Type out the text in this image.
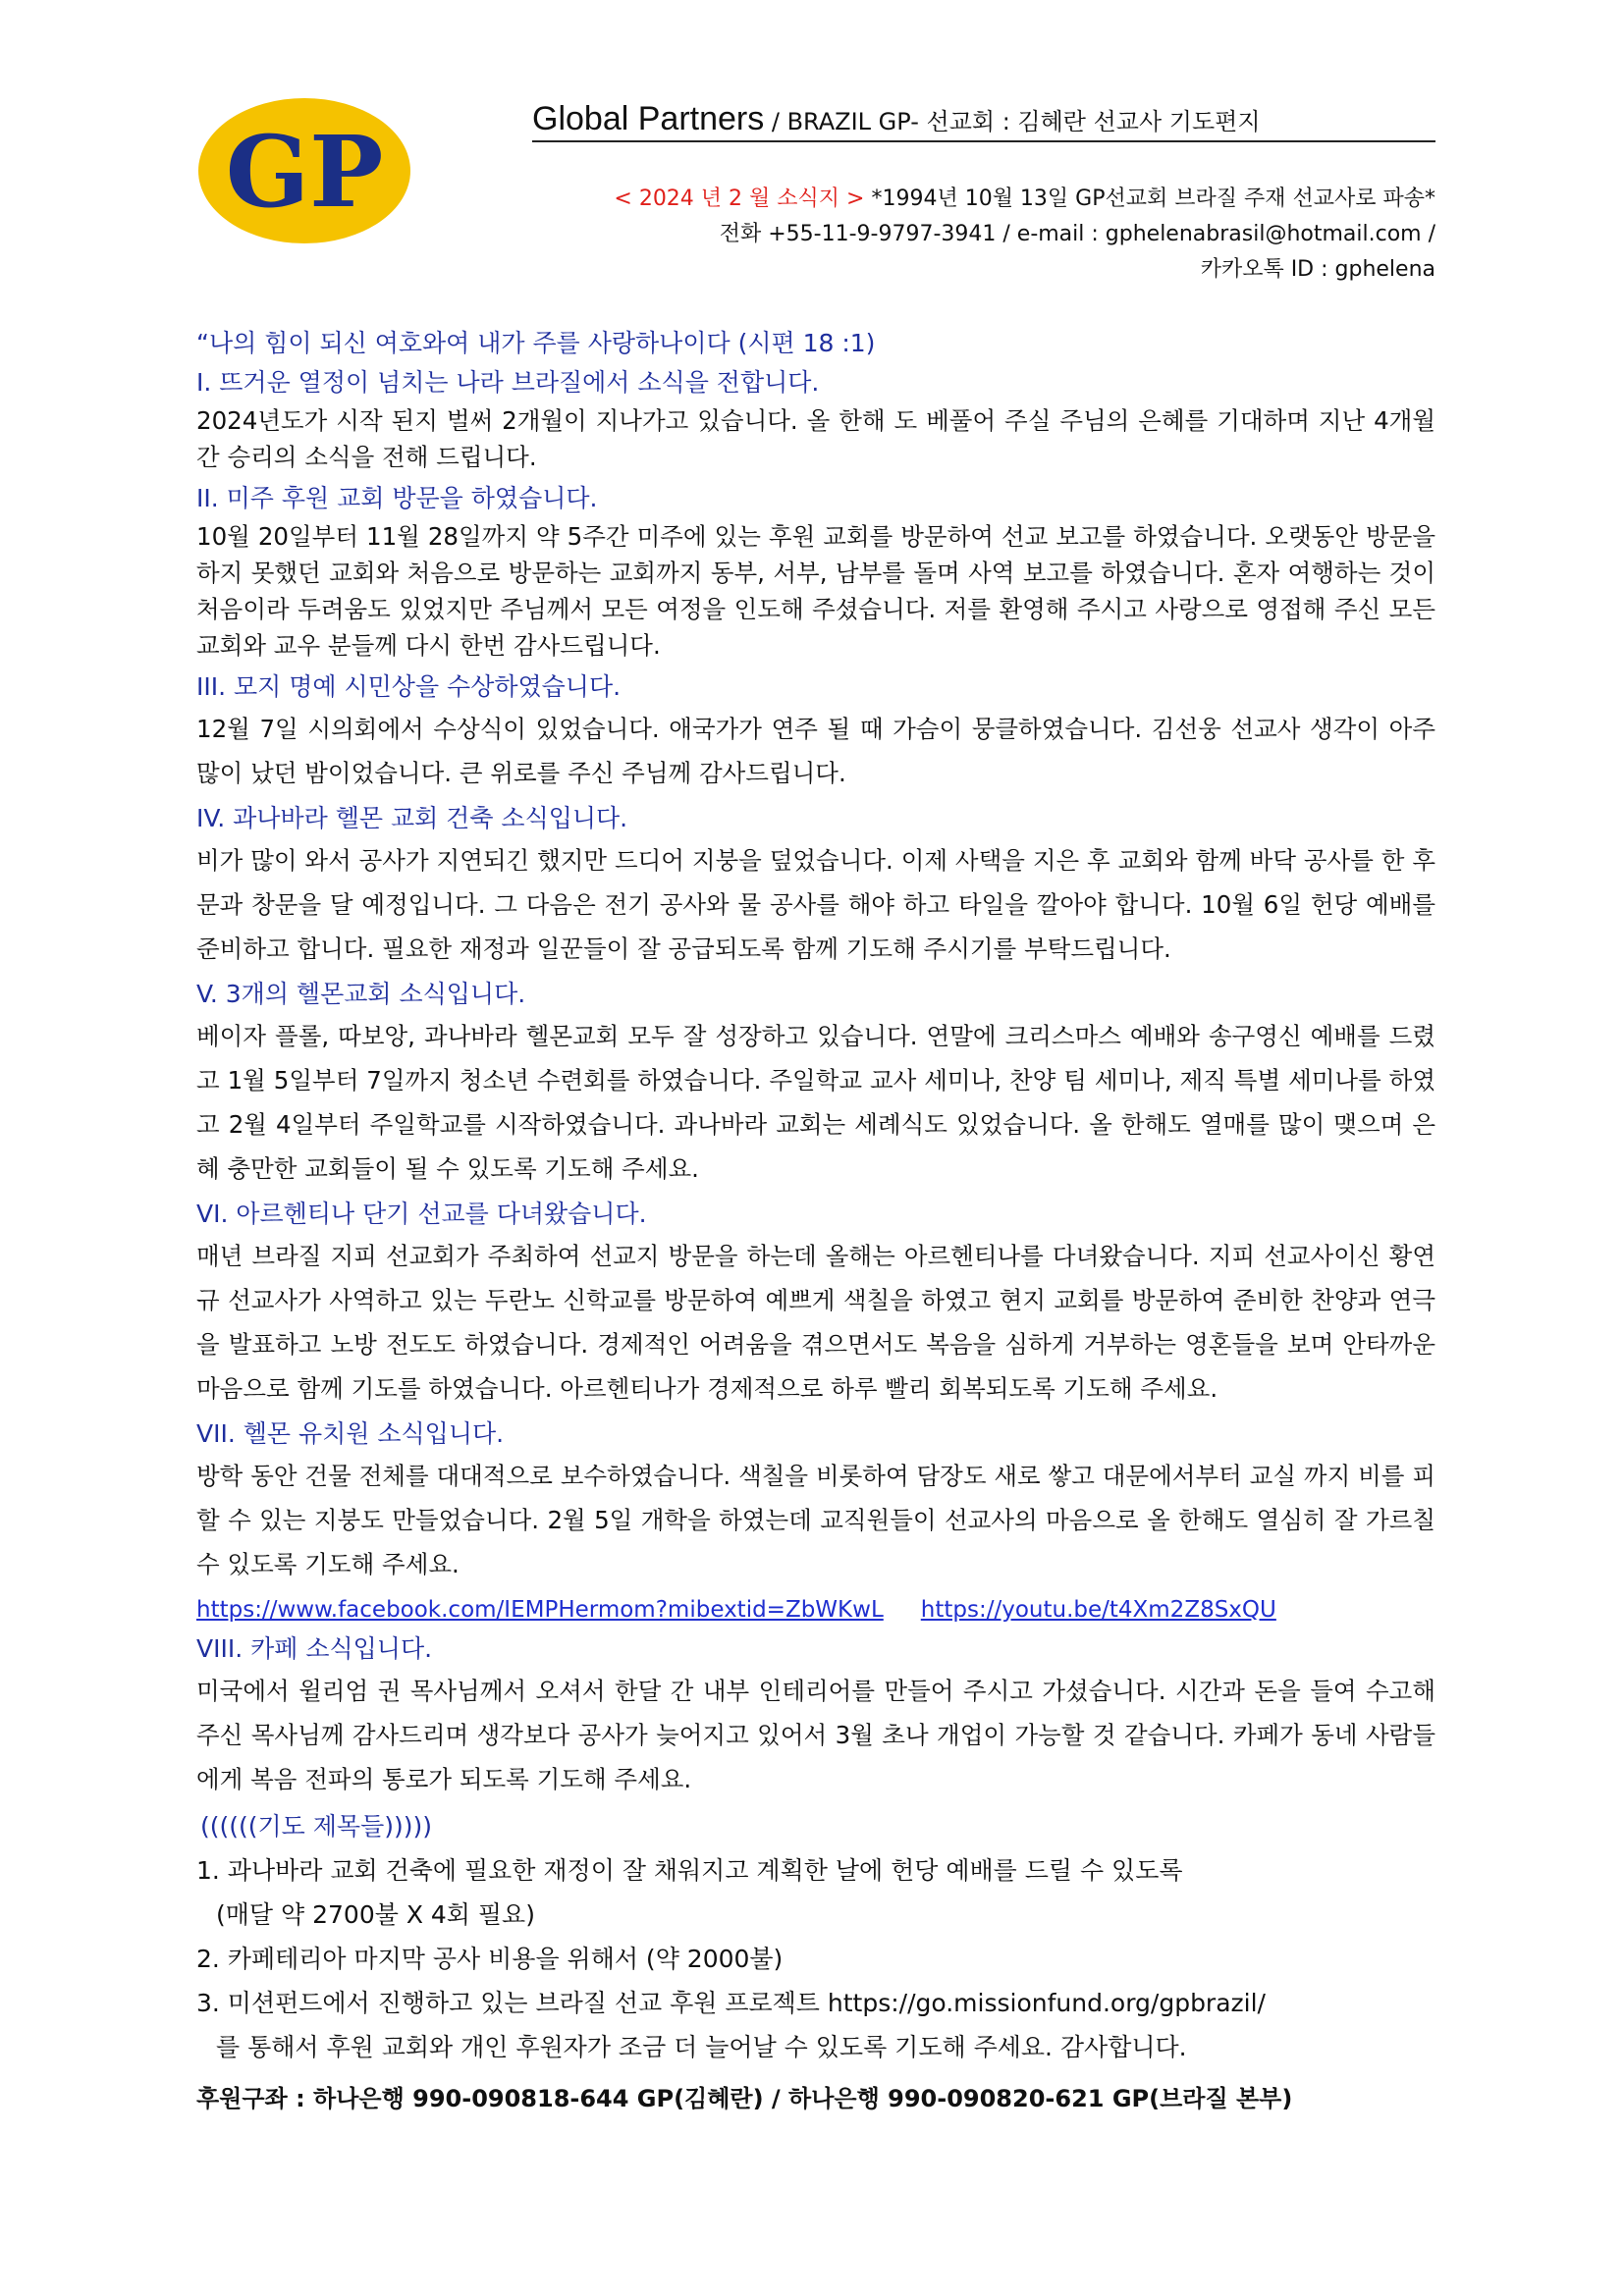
GP	Global Partners / BRAZIL GP- 선교회 : 김혜란 선교사 기도편지
< 2024 년 2 월 소식지 > *1994년 10월 13일 GP선교회 브라질 주재 선교사로 파송*
전화 +55-11-9-9797-3941 / e-mail : gphelenabrasil@hotmail.com /
카카오톡 ID : gphelena

“나의 힘이 되신 여호와여 내가 주를 사랑하나이다 (시편 18 :1)

I. 뜨거운 열정이 넘치는 나라 브라질에서 소식을 전합니다.

2024년도가 시작 된지 벌써 2개월이 지나가고 있습니다. 올 한해 도 베풀어 주실 주님의 은혜를 기대하며 지난 4개월간 승리의 소식을 전해 드립니다.

II. 미주 후원 교회 방문을 하였습니다.

10월 20일부터 11월 28일까지 약 5주간 미주에 있는 후원 교회를 방문하여 선교 보고를 하였습니다. 오랫동안 방문을 하지 못했던 교회와 처음으로 방문하는 교회까지 동부, 서부, 남부를 돌며 사역 보고를 하였습니다. 혼자 여행하는 것이 처음이라 두려움도 있었지만 주님께서 모든 여정을 인도해 주셨습니다. 저를 환영해 주시고 사랑으로 영접해 주신 모든 교회와 교우 분들께 다시 한번 감사드립니다.

III. 모지 명예 시민상을 수상하였습니다.

12월 7일 시의회에서 수상식이 있었습니다. 애국가가 연주 될 때 가슴이 뭉클하였습니다. 김선웅 선교사 생각이 아주 많이 났던 밤이었습니다. 큰 위로를 주신 주님께 감사드립니다.

IV. 과나바라 헬몬 교회 건축 소식입니다.

비가 많이 와서 공사가 지연되긴 했지만 드디어 지붕을 덮었습니다. 이제 사택을 지은 후 교회와 함께 바닥 공사를 한 후 문과 창문을 달 예정입니다. 그 다음은 전기 공사와 물 공사를 해야 하고 타일을 깔아야 합니다. 10월 6일 헌당 예배를 준비하고 합니다. 필요한 재정과 일꾼들이 잘 공급되도록 함께 기도해 주시기를 부탁드립니다.

V. 3개의 헬몬교회 소식입니다.

베이자 플롤, 따보앙, 과나바라 헬몬교회 모두 잘 성장하고 있습니다. 연말에 크리스마스 예배와 송구영신 예배를 드렸고 1월 5일부터 7일까지 청소년 수련회를 하였습니다. 주일학교 교사 세미나, 찬양 팀 세미나, 제직 특별 세미나를 하였고 2월 4일부터 주일학교를 시작하였습니다. 과나바라 교회는 세례식도 있었습니다. 올 한해도 열매를 많이 맺으며 은혜 충만한 교회들이 될 수 있도록 기도해 주세요.

VI. 아르헨티나 단기 선교를 다녀왔습니다.

매년 브라질 지피 선교회가 주최하여 선교지 방문을 하는데 올해는 아르헨티나를 다녀왔습니다. 지피 선교사이신 황연규 선교사가 사역하고 있는 두란노 신학교를 방문하여 예쁘게 색칠을 하였고 현지 교회를 방문하여 준비한 찬양과 연극을 발표하고 노방 전도도 하였습니다. 경제적인 어려움을 겪으면서도 복음을 심하게 거부하는 영혼들을 보며 안타까운 마음으로 함께 기도를 하였습니다. 아르헨티나가 경제적으로 하루 빨리 회복되도록 기도해 주세요.

VII. 헬몬 유치원 소식입니다.

방학 동안 건물 전체를 대대적으로 보수하였습니다. 색칠을 비롯하여 담장도 새로 쌓고 대문에서부터 교실 까지 비를 피할 수 있는 지붕도 만들었습니다. 2월 5일 개학을 하였는데 교직원들이 선교사의 마음으로 올 한해도 열심히 잘 가르칠 수 있도록 기도해 주세요.

https://www.facebook.com/IEMPHermom?mibextid=ZbWKwL https://youtu.be/t4Xm2Z8SxQU

VIII. 카페 소식입니다.

미국에서 윌리엄 권 목사님께서 오셔서 한달 간 내부 인테리어를 만들어 주시고 가셨습니다. 시간과 돈을 들여 수고해 주신 목사님께 감사드리며 생각보다 공사가 늦어지고 있어서 3월 초나 개업이 가능할 것 같습니다. 카페가 동네 사람들에게 복음 전파의 통로가 되도록 기도해 주세요.

((((((기도 제목들)))))

1. 과나바라 교회 건축에 필요한 재정이 잘 채워지고 계획한 날에 헌당 예배를 드릴 수 있도록

(매달 약 2700불 X 4회 필요)

2. 카페테리아 마지막 공사 비용을 위해서 (약 2000불)

3. 미션펀드에서 진행하고 있는 브라질 선교 후원 프로젝트 https://go.missionfund.org/gpbrazil/

를 통해서 후원 교회와 개인 후원자가 조금 더 늘어날 수 있도록 기도해 주세요. 감사합니다.

후원구좌 : 하나은행 990-090818-644 GP(김혜란) / 하나은행 990-090820-621 GP(브라질 본부)
